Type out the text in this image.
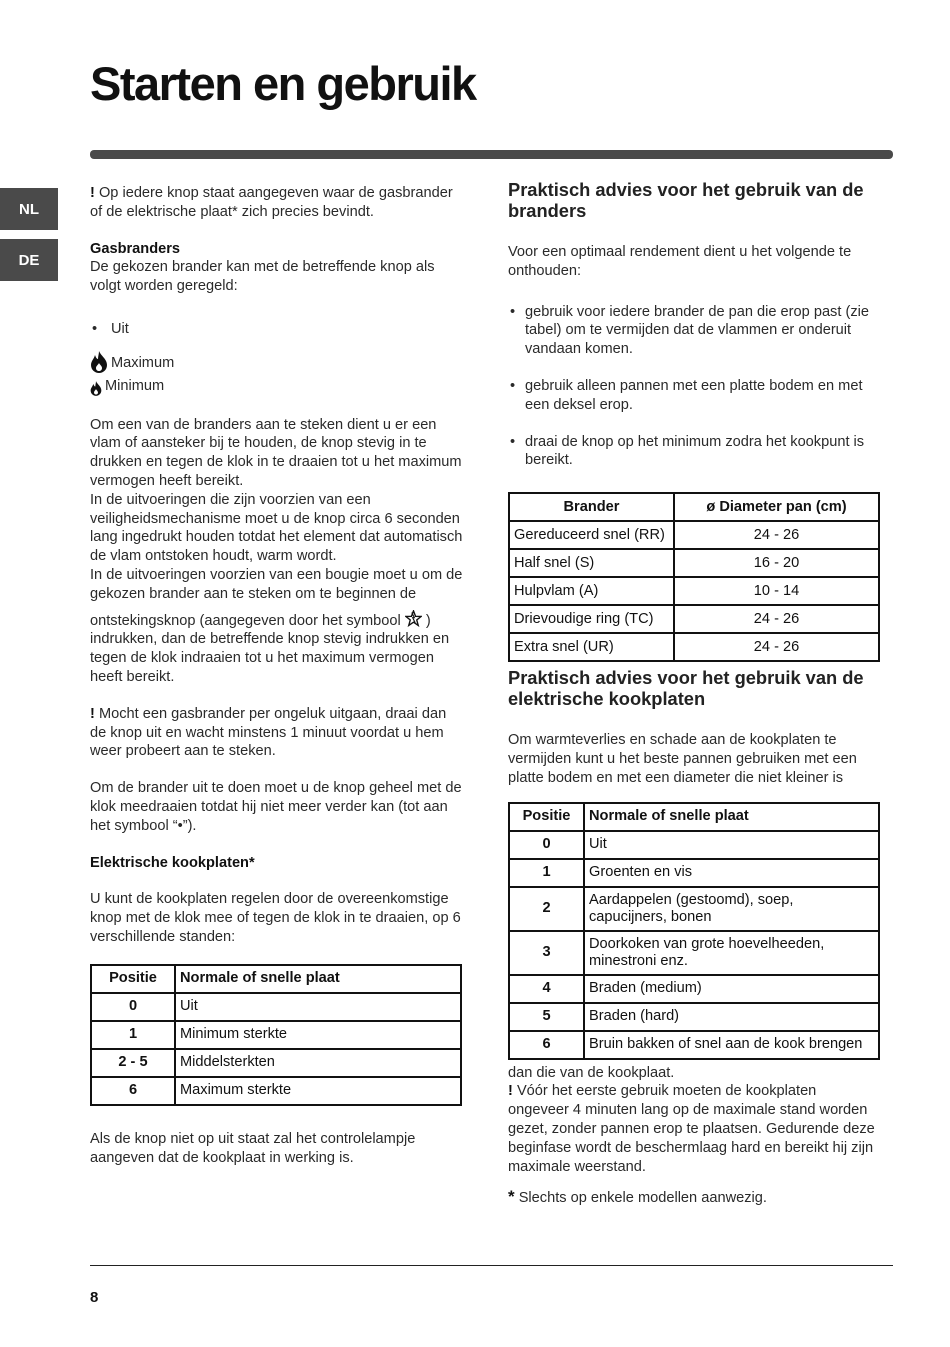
Starten en gebruik
NL
DE

! Op iedere knop staat aangegeven waar de gasbrander of de elektrische plaat* zich precies bevindt.

Gasbranders

De gekozen brander kan met de betreffende knop als volgt worden geregeld:

• Uit

Maximum
Minimum

Om een van de branders aan te steken dient u er een vlam of aansteker bij te houden, de knop stevig in te drukken en tegen de klok in te draaien tot u het maximum vermogen heeft bereikt.

In de uitvoeringen die zijn voorzien van een veiligheidsmechanisme moet u de knop circa 6 seconden lang ingedrukt houden totdat het element dat automatisch de vlam ontstoken houdt, warm wordt.

In de uitvoeringen voorzien van een bougie moet u om de gekozen brander aan te steken om te beginnen de

ontstekingsknop (aangegeven door het symbool )

indrukken, dan de betreffende knop stevig indrukken en tegen de klok indraaien tot u het maximum vermogen heeft bereikt.

! Mocht een gasbrander per ongeluk uitgaan, draai dan de knop uit en wacht minstens 1 minuut voordat u hem weer probeert aan te steken.

Om de brander uit te doen moet u de knop geheel met de klok meedraaien totdat hij niet meer verder kan (tot aan het symbool “•”).

Elektrische kookplaten*

U kunt de kookplaten regelen door de overeenkomstige knop met de klok mee of tegen de klok in te draaien, op 6 verschillende standen:

Positie	Normale of snelle plaat
0	Uit
1	Minimum sterkte
2 - 5	Middelsterkten
6	Maximum sterkte

Als de knop niet op uit staat zal het controlelampje aangeven dat de kookplaat in werking is.

Praktisch advies voor het gebruik van de branders

Voor een optimaal rendement dient u het volgende te onthouden:

• gebruik voor iedere brander de pan die erop past (zie tabel) om te vermijden dat de vlammen er onderuit vandaan komen.

• gebruik alleen pannen met een platte bodem en met een deksel erop.

• draai de knop op het minimum zodra het kookpunt is bereikt.

Brander	ø Diameter pan (cm)
Gereduceerd snel (RR)	24 - 26
Half snel (S)	16 - 20
Hulpvlam (A)	10 - 14
Drievoudige ring (TC)	24 - 26
Extra snel (UR)	24 - 26
Praktisch advies voor het gebruik van de elektrische kookplaten

Om warmteverlies en schade aan de kookplaten te vermijden kunt u het beste pannen gebruiken met een platte bodem en met een diameter die niet kleiner is

Positie	Normale of snelle plaat
0	Uit
1	Groenten en vis
2	Aardappelen (gestoomd), soep, capucijners, bonen
3	Doorkoken van grote hoevelheeden, minestroni enz.
4	Braden (medium)
5	Braden (hard)
6	Bruin bakken of snel aan de kook brengen

dan die van de kookplaat.

! Vóór het eerste gebruik moeten de kookplaten ongeveer 4 minuten lang op de maximale stand worden gezet, zonder pannen erop te plaatsen. Gedurende deze beginfase wordt de beschermlaag hard en bereikt hij zijn maximale weerstand.

* Slechts op enkele modellen aanwezig.

8
